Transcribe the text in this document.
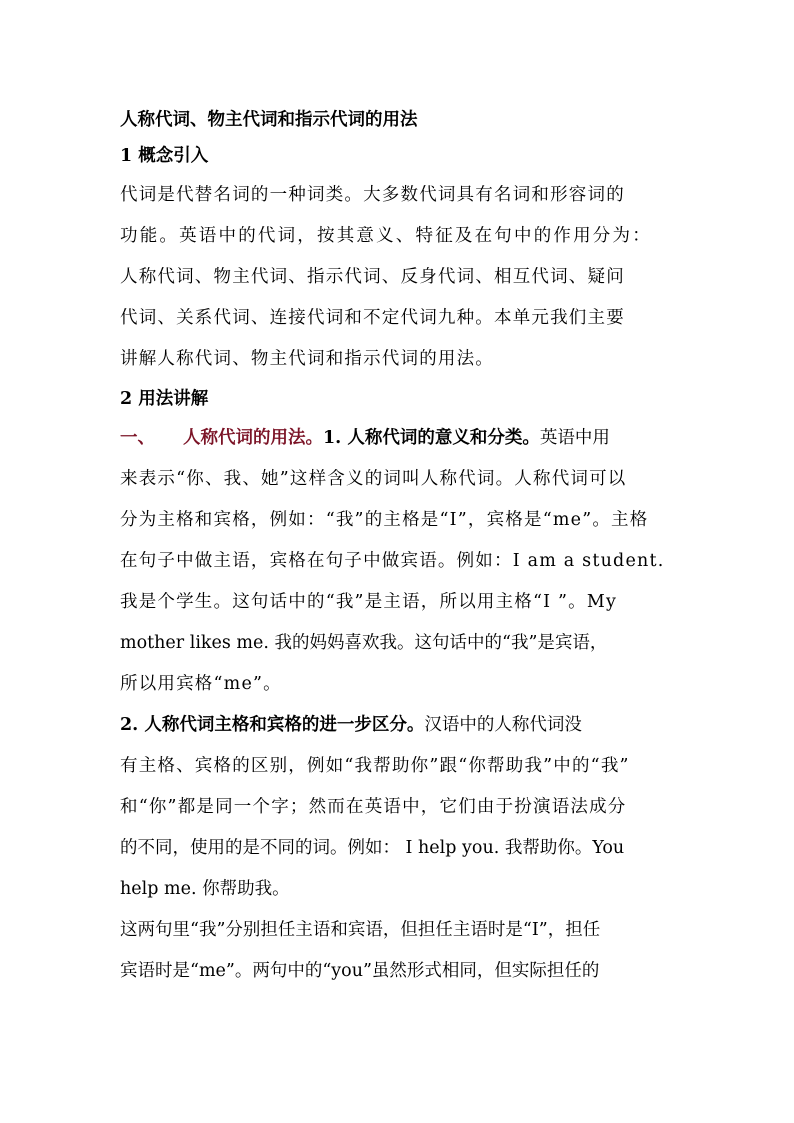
人称代词、物主代词和指示代词的用法
1 概念引入
代词是代替名词的一种词类。大多数代词具有名词和形容词的
功能。英语中的代词，按其意义、特征及在句中的作用分为：
人称代词、物主代词、指示代词、反身代词、相互代词、疑问
代词、关系代词、连接代词和不定代词九种。本单元我们主要
讲解人称代词、物主代词和指示代词的用法。
2 用法讲解
一、 人称代词的用法。1. 人称代词的意义和分类。英语中用
来表示“你、我、她”这样含义的词叫人称代词。人称代词可以
分为主格和宾格，例如：“我”的主格是“I”，宾格是“me”。主格
在句子中做主语，宾格在句子中做宾语。例如：I am a student.
我是个学生。这句话中的“我”是主语，所以用主格“I ”。My
mother likes me. 我的妈妈喜欢我。这句话中的“我”是宾语，
所以用宾格“me”。
2. 人称代词主格和宾格的进一步区分。汉语中的人称代词没
有主格、宾格的区别，例如“我帮助你”跟“你帮助我”中的“我”
和“你”都是同一个字；然而在英语中，它们由于扮演语法成分
的不同，使用的是不同的词。例如： I help you. 我帮助你。You
help me. 你帮助我。
这两句里“我”分别担任主语和宾语，但担任主语时是“I”，担任
宾语时是“me”。两句中的“you”虽然形式相同，但实际担任的
